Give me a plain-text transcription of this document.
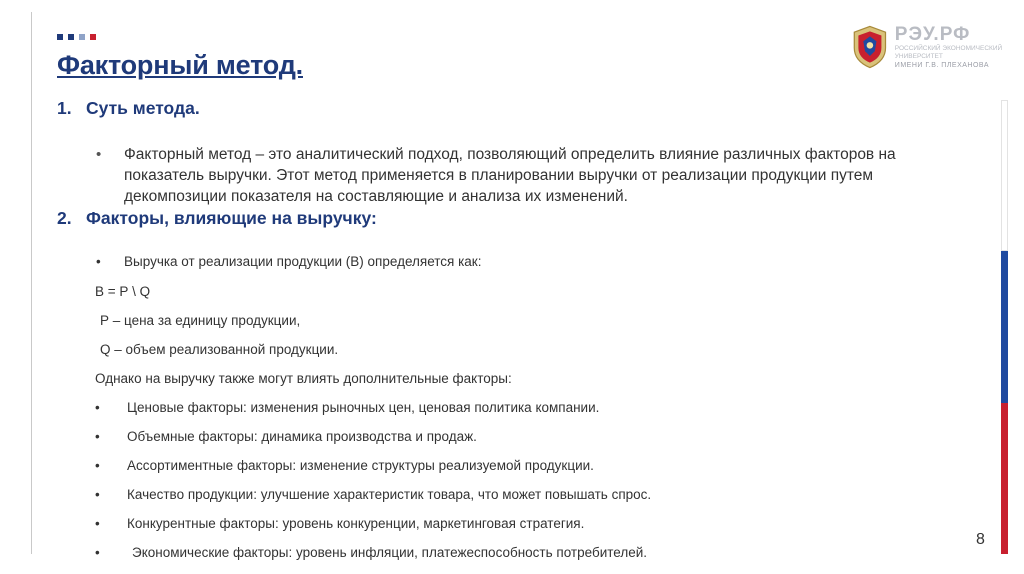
Факторный метод.
РЭУ.РФ
РОССИЙСКИЙ ЭКОНОМИЧЕСКИЙ УНИВЕРСИТЕТ
ИМЕНИ Г.В. ПЛЕХАНОВА
1. Суть метода.
• Факторный метод – это аналитический подход, позволяющий определить влияние различных факторов на показатель выручки. Этот метод применяется в планировании выручки от реализации продукции путем декомпозиции показателя на составляющие и анализа их изменений.

2. Факторы, влияющие на выручку:
• Выручка от реализации продукции (В) определяется как:
В = Р \ Q
Р – цена за единицу продукции,
Q – объем реализованной продукции.
Однако на выручку также могут влиять дополнительные факторы:
• Ценовые факторы: изменения рыночных цен, ценовая политика компании.
• Объемные факторы: динамика производства и продаж.
• Ассортиментные факторы: изменение структуры реализуемой продукции.
• Качество продукции: улучшение характеристик товара, что может повышать спрос.
• Конкурентные факторы: уровень конкуренции, маркетинговая стратегия.
• Экономические факторы: уровень инфляции, платежеспособность потребителей.
8
